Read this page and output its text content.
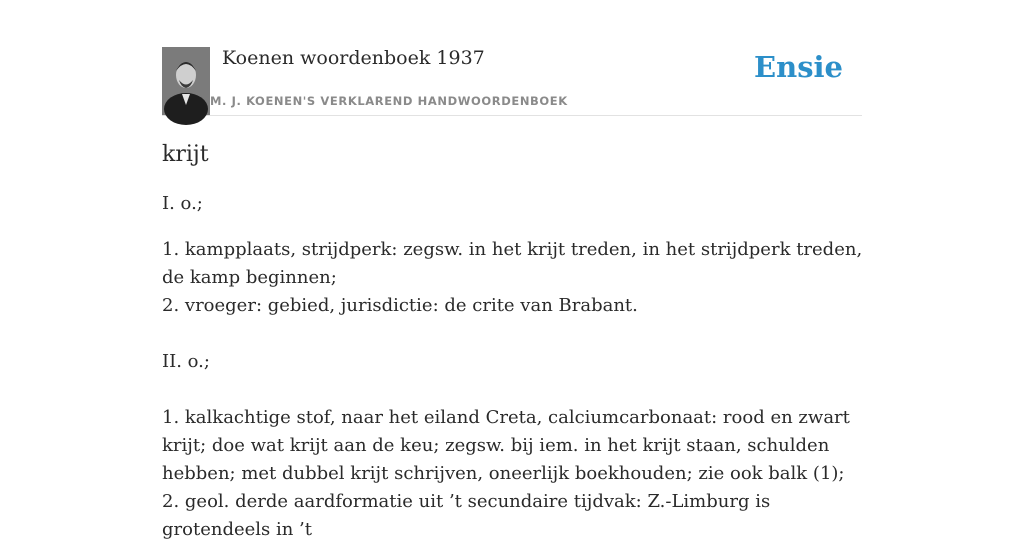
Koenen woordenboek 1937
M. J. KOENEN'S VERKLAREND HANDWOORDENBOEK
Ensie
krijt
I. o.;

1. kampplaats, strijdperk: zegsw. in het krijt treden, in het strijdperk treden, de kamp beginnen;

2. vroeger: gebied, jurisdictie: de crite van Brabant.

II. o.;

1. kalkachtige stof, naar het eiland Creta, calciumcarbonaat: rood en zwart krijt; doe wat krijt aan de keu; zegsw. bij iem. in het krijt staan, schulden hebben; met dubbel krijt schrijven, oneerlijk boekhouden; zie ook balk (1);

2. geol. derde aardformatie uit ’t secundaire tijdvak: Z.-Limburg is grotendeels in ’t
